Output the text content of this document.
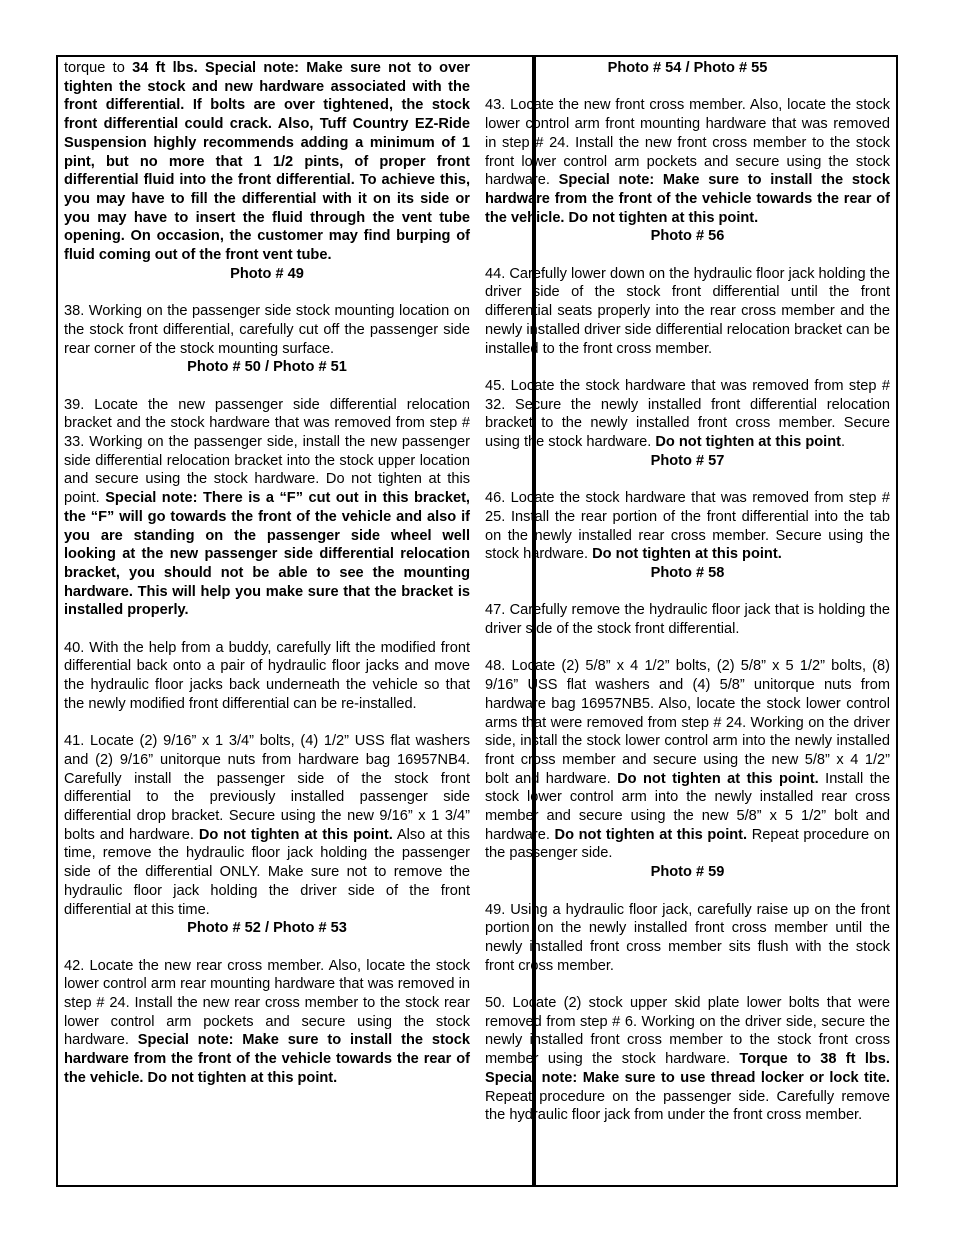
torque to 34 ft lbs. Special note: Make sure not to over tighten the stock and new hardware associated with the front differential. If bolts are over tightened, the stock front differential could crack. Also, Tuff Country EZ-Ride Suspension highly recommends adding a minimum of 1 pint, but no more that 1 1/2 pints, of proper front differential fluid into the front differential. To achieve this, you may have to fill the differential with it on its side or you may have to insert the fluid through the vent tube opening. On occasion, the customer may find burping of fluid coming out of the front vent tube.

Photo # 49

38. Working on the passenger side stock mounting location on the stock front differential, carefully cut off the passenger side rear corner of the stock mounting surface.

Photo # 50 / Photo # 51

39. Locate the new passenger side differential relocation bracket and the stock hardware that was removed from step # 33. Working on the passenger side, install the new passenger side differential relocation bracket into the stock upper location and secure using the stock hardware. Do not tighten at this point. Special note: There is a “F” cut out in this bracket, the “F” will go towards the front of the vehicle and also if you are standing on the passenger side wheel well looking at the new passenger side differential relocation bracket, you should not be able to see the mounting hardware. This will help you make sure that the bracket is installed properly.

40. With the help from a buddy, carefully lift the modified front differential back onto a pair of hydraulic floor jacks and move the hydraulic floor jacks back underneath the vehicle so that the newly modified front differential can be re-installed.

41. Locate (2) 9/16” x 1 3/4” bolts, (4) 1/2” USS flat washers and (2) 9/16” unitorque nuts from hardware bag 16957NB4. Carefully install the passenger side of the stock front differential to the previously installed passenger side differential drop bracket. Secure using the new 9/16” x 1 3/4” bolts and hardware. Do not tighten at this point. Also at this time, remove the hydraulic floor jack holding the passenger side of the differential ONLY. Make sure not to remove the hydraulic floor jack holding the driver side of the front differential at this time.

Photo # 52 / Photo # 53

42. Locate the new rear cross member. Also, locate the stock lower control arm rear mounting hardware that was removed in step # 24. Install the new rear cross member to the stock rear lower control arm pockets and secure using the stock hardware. Special note: Make sure to install the stock hardware from the front of the vehicle towards the rear of the vehicle. Do not tighten at this point.

Photo # 54 / Photo # 55

43. Locate the new front cross member. Also, locate the stock lower control arm front mounting hardware that was removed in step # 24. Install the new front cross member to the stock front lower control arm pockets and secure using the stock hardware. Special note: Make sure to install the stock hardware from the front of the vehicle towards the rear of the vehicle. Do not tighten at this point.

Photo # 56

44. Carefully lower down on the hydraulic floor jack holding the driver side of the stock front differential until the front differential seats properly into the rear cross member and the newly installed driver side differential relocation bracket can be installed to the front cross member.

45. Locate the stock hardware that was removed from step # 32. Secure the newly installed front differential relocation bracket to the newly installed front cross member. Secure using the stock hardware. Do not tighten at this point.

Photo # 57

46. Locate the stock hardware that was removed from step # 25. Install the rear portion of the front differential into the tab on the newly installed rear cross member. Secure using the stock hardware. Do not tighten at this point.

Photo # 58

47. Carefully remove the hydraulic floor jack that is holding the driver side of the stock front differential.

48. Locate (2) 5/8” x 4 1/2” bolts, (2) 5/8” x 5 1/2” bolts, (8) 9/16” USS flat washers and (4) 5/8” unitorque nuts from hardware bag 16957NB5. Also, locate the stock lower control arms that were removed from step # 24. Working on the driver side, install the stock lower control arm into the newly installed front cross member and secure using the new 5/8” x 4 1/2” bolt and hardware. Do not tighten at this point. Install the stock lower control arm into the newly installed rear cross member and secure using the new 5/8” x 5 1/2” bolt and hardware. Do not tighten at this point. Repeat procedure on the passenger side.

Photo # 59

49. Using a hydraulic floor jack, carefully raise up on the front portion on the newly installed front cross member until the newly installed front cross member sits flush with the stock front cross member.

50. Locate (2) stock upper skid plate lower bolts that were removed from step # 6. Working on the driver side, secure the newly installed front cross member to the stock front cross member using the stock hardware. Torque to 38 ft lbs. Special note: Make sure to use thread locker or lock tite. Repeat procedure on the passenger side. Carefully remove the hydraulic floor jack from under the front cross member.
